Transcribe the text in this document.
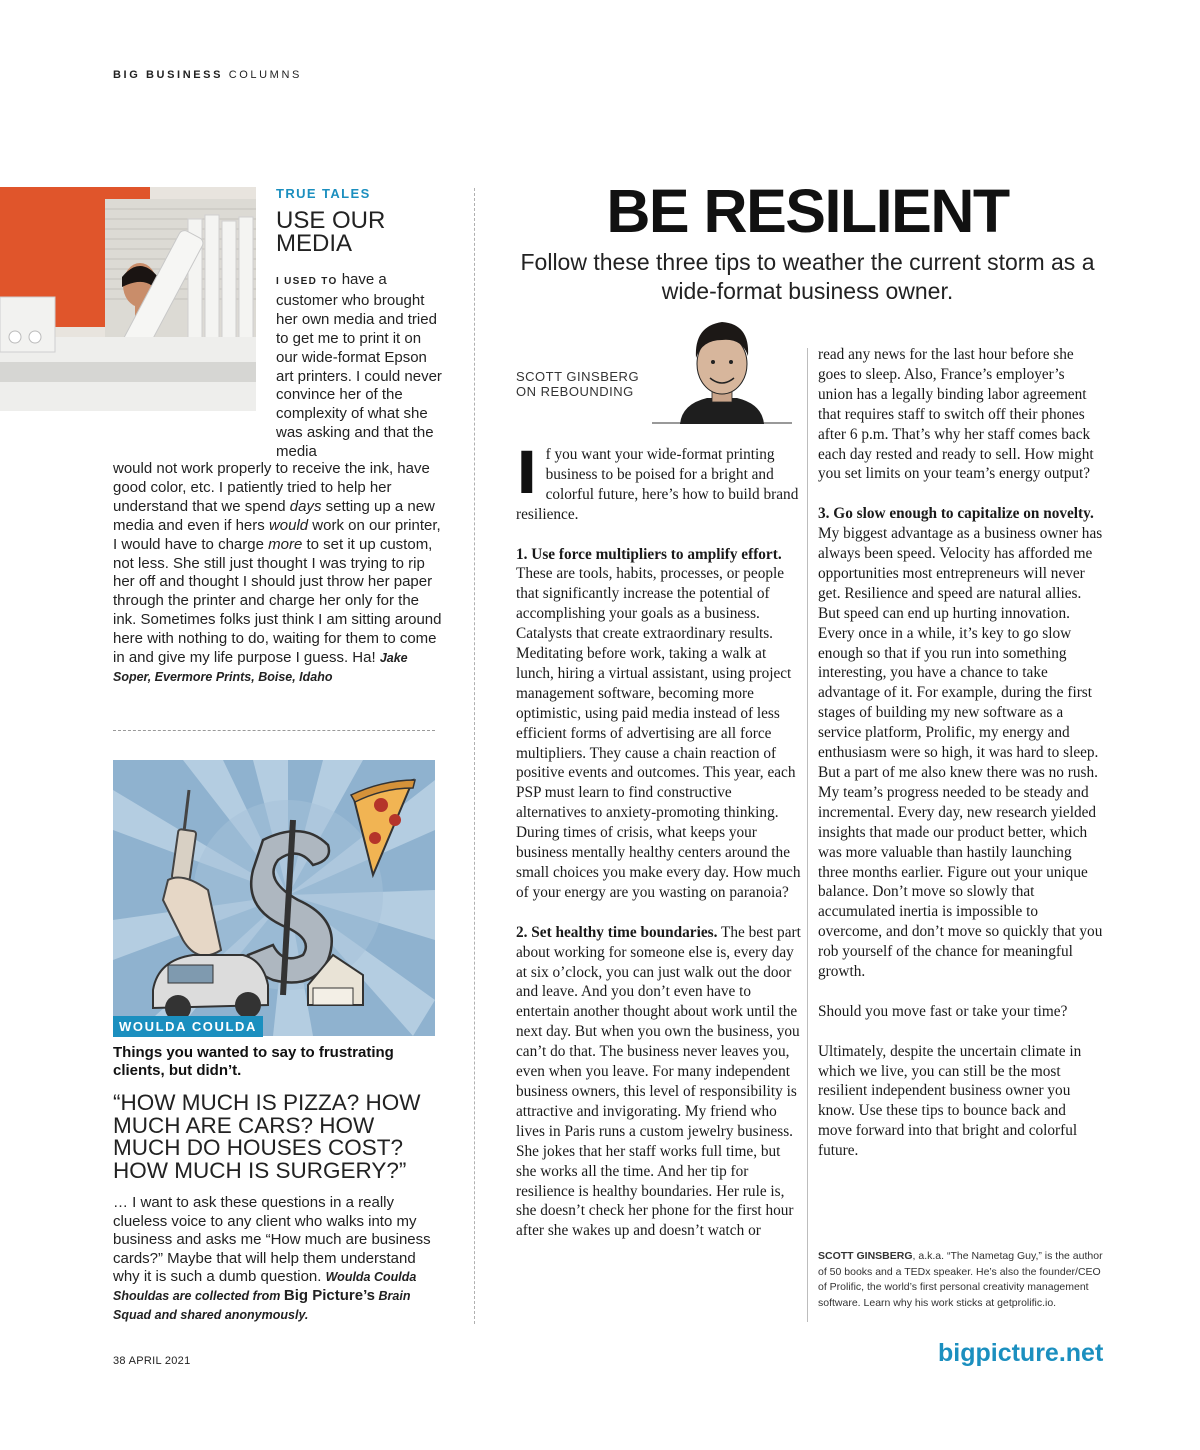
BIG BUSINESS COLUMNS
TRUE TALES
USE OUR MEDIA
I USED TO have a customer who brought her own media and tried to get me to print it on our wide-format Epson art printers. I could never convince her of the complexity of what she was asking and that the media
would not work properly to receive the ink, have good color, etc. I patiently tried to help her understand that we spend days setting up a new media and even if hers would work on our printer, I would have to charge more to set it up custom, not less. She still just thought I was trying to rip her off and thought I should just throw her paper through the printer and charge her only for the ink. Sometimes folks just think I am sitting around here with nothing to do, waiting for them to come in and give my life purpose I guess. Ha! Jake Soper, Evermore Prints, Boise, Idaho
WOULDA COULDA
Things you wanted to say to frustrating clients, but didn’t.
“HOW MUCH IS PIZZA? HOW MUCH ARE CARS? HOW MUCH DO HOUSES COST? HOW MUCH IS SURGERY?”
… I want to ask these questions in a really clueless voice to any client who walks into my business and asks me “How much are business cards?” Maybe that will help them understand why it is such a dumb question. Woulda Coulda Shouldas are collected from Big Picture’s Brain Squad and shared anonymously.
BE RESILIENT
Follow these three tips to weather the current storm as a wide-format business owner.
SCOTT GINSBERG
ON REBOUNDING

If you want your wide-format printing business to be poised for a bright and colorful future, here’s how to build brand resilience.

1. Use force multipliers to amplify effort. These are tools, habits, processes, or people that significantly increase the potential of accomplishing your goals as a business. Catalysts that create extraordinary results. Meditating before work, taking a walk at lunch, hiring a virtual assistant, using project management software, becoming more optimistic, using paid media instead of less efficient forms of advertising are all force multipliers. They cause a chain reaction of positive events and outcomes. This year, each PSP must learn to find constructive alternatives to anxiety-promoting thinking. During times of crisis, what keeps your business mentally healthy centers around the small choices you make every day. How much of your energy are you wasting on paranoia?

2. Set healthy time boundaries. The best part about working for someone else is, every day at six o’clock, you can just walk out the door and leave. And you don’t even have to entertain another thought about work until the next day. But when you own the business, you can’t do that. The business never leaves you, even when you leave. For many independent business owners, this level of responsibility is attractive and invigorating. My friend who lives in Paris runs a custom jewelry business. She jokes that her staff works full time, but she works all the time. And her tip for resilience is healthy boundaries. Her rule is, she doesn’t check her phone for the first hour after she wakes up and doesn’t watch or

read any news for the last hour before she goes to sleep. Also, France’s employer’s union has a legally binding labor agreement that requires staff to switch off their phones after 6 p.m. That’s why her staff comes back each day rested and ready to sell. How might you set limits on your team’s energy output?

3. Go slow enough to capitalize on novelty. My biggest advantage as a business owner has always been speed. Velocity has afforded me opportunities most entrepreneurs will never get. Resilience and speed are natural allies. But speed can end up hurting innovation. Every once in a while, it’s key to go slow enough so that if you run into something interesting, you have a chance to take advantage of it. For example, during the first stages of building my new software as a service platform, Prolific, my energy and enthusiasm were so high, it was hard to sleep. But a part of me also knew there was no rush. My team’s progress needed to be steady and incremental. Every day, new research yielded insights that made our product better, which was more valuable than hastily launching three months earlier. Figure out your unique balance. Don’t move so slowly that accumulated inertia is impossible to overcome, and don’t move so quickly that you rob yourself of the chance for meaningful growth.

Should you move fast or take your time?

Ultimately, despite the uncertain climate in which we live, you can still be the most resilient independent business owner you know. Use these tips to bounce back and move forward into that bright and colorful future.

SCOTT GINSBERG, a.k.a. “The Nametag Guy,” is the author of 50 books and a TEDx speaker. He’s also the founder/CEO of Prolific, the world’s first personal creativity management software. Learn why his work sticks at getprolific.io.
38 APRIL 2021	bigpicture.net
